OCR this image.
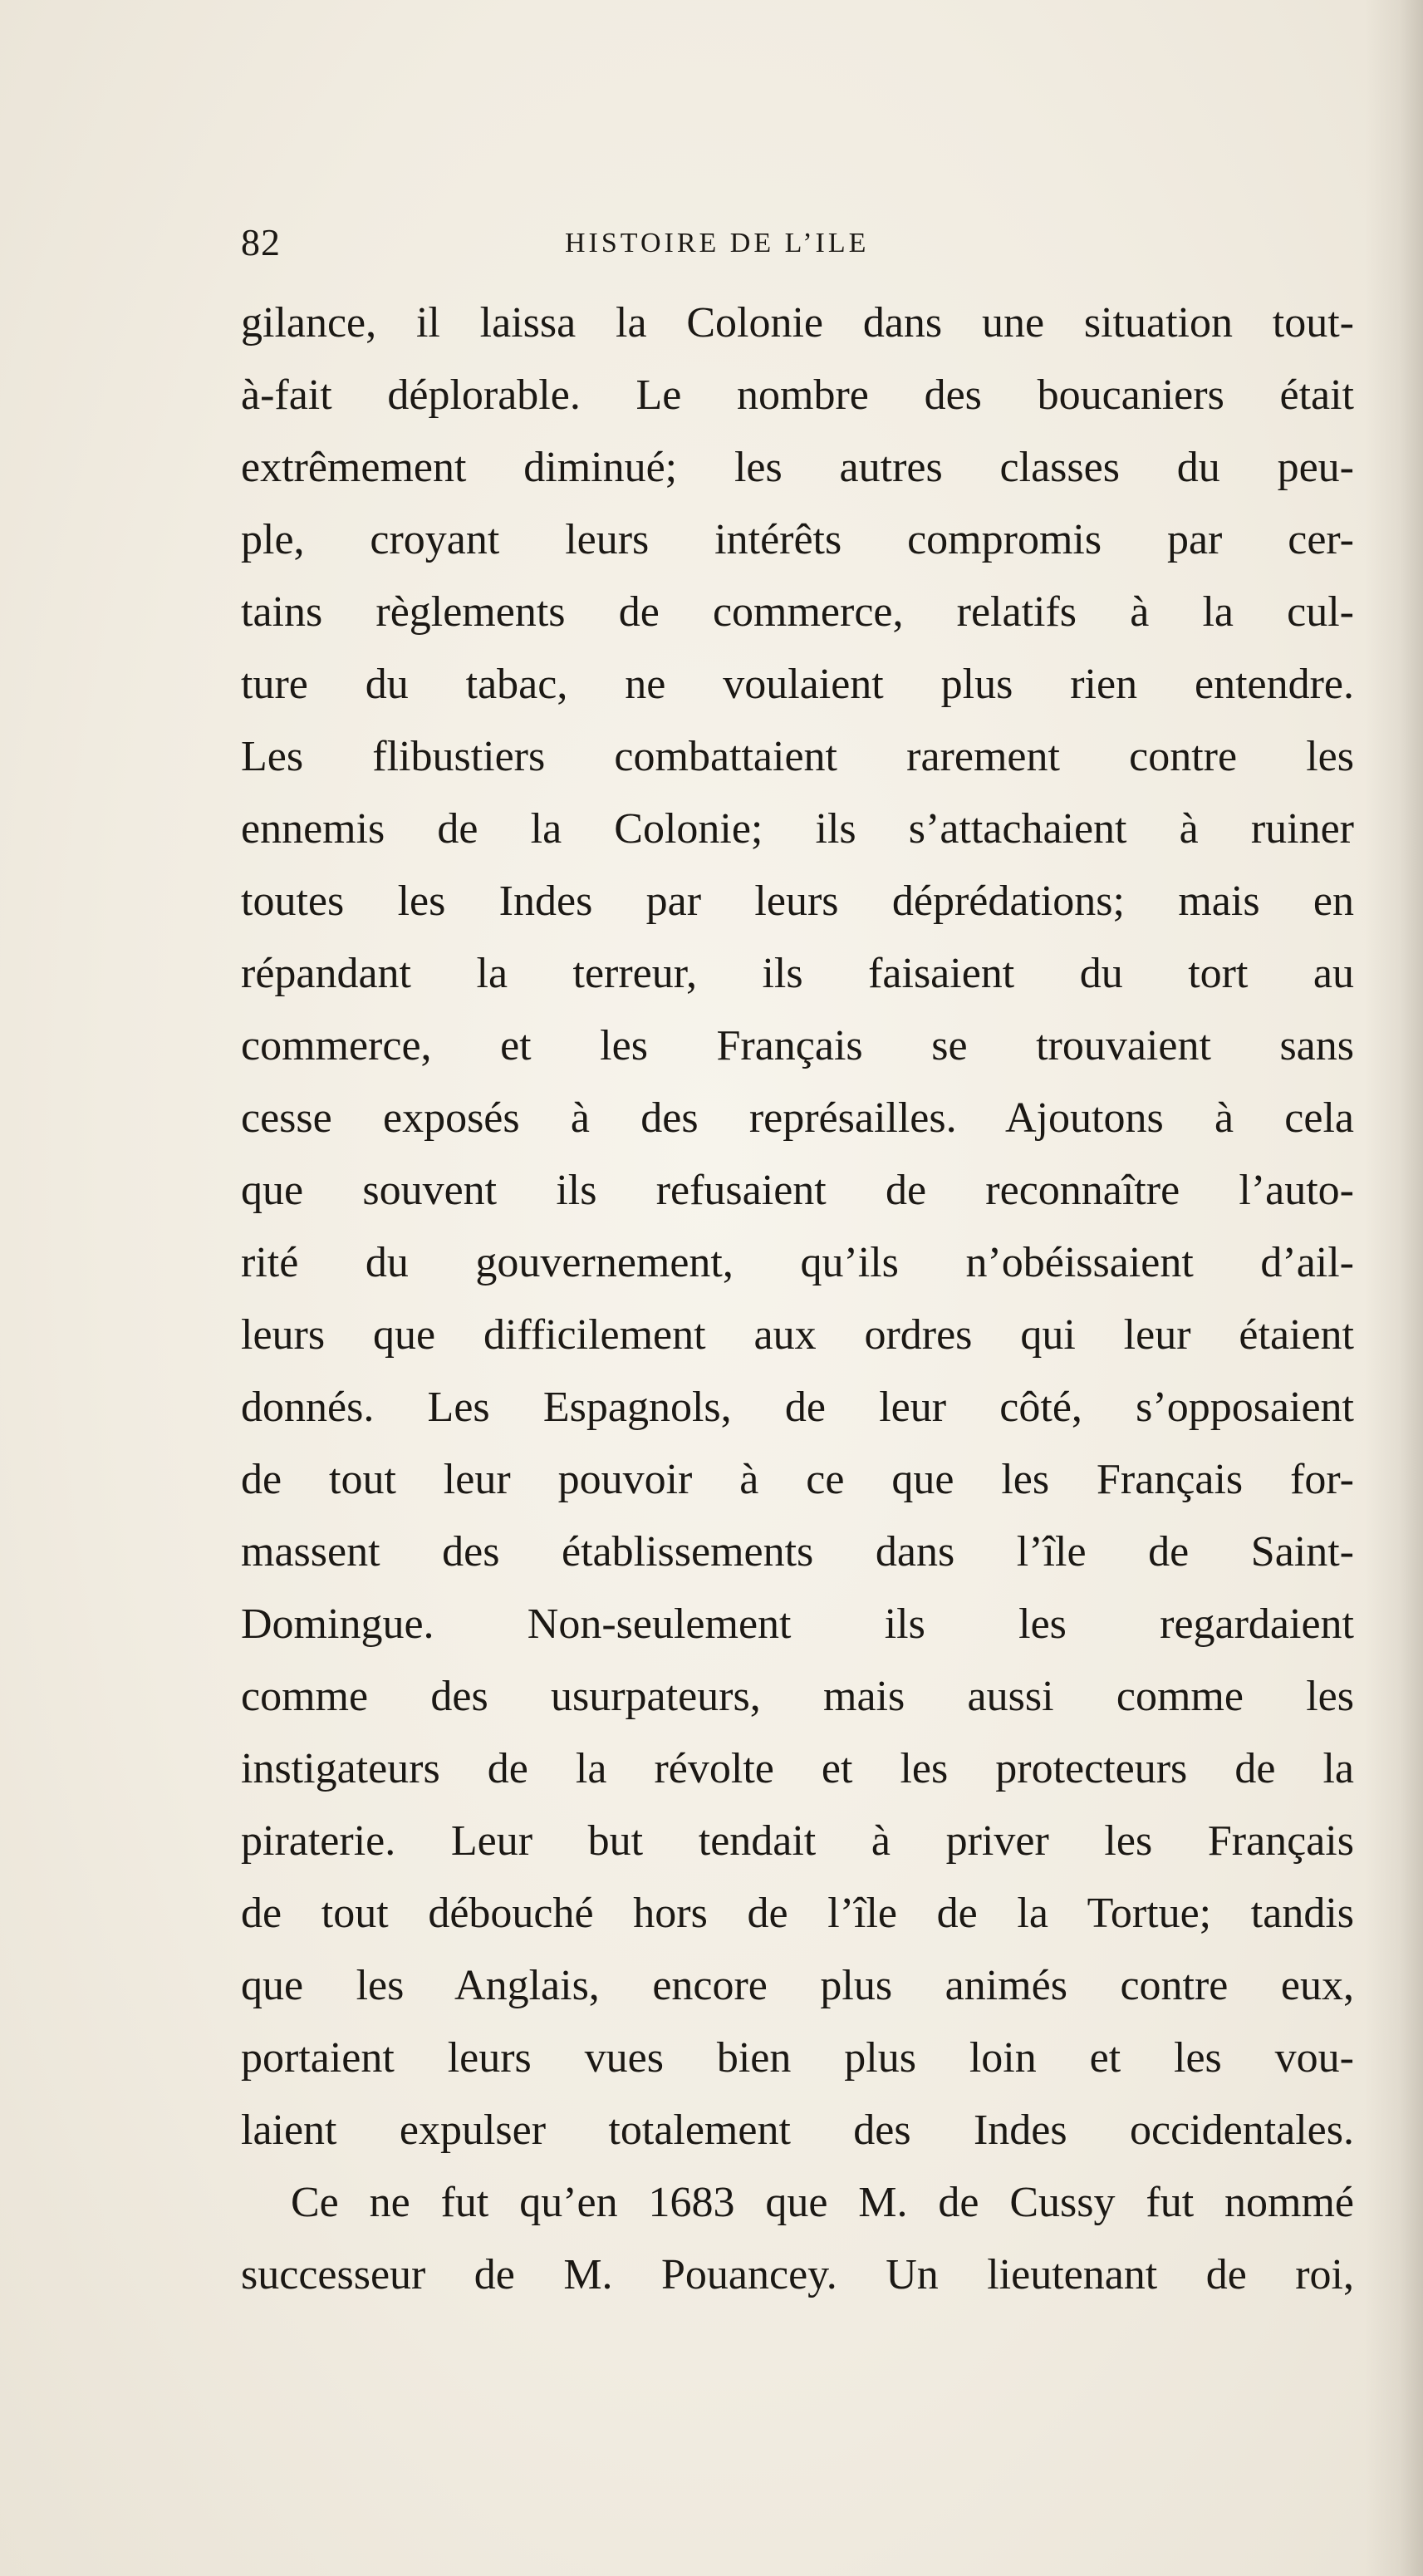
82	HISTOIRE DE L’ILE
gilance, il laissa la Colonie dans une situation tout-
à-fait déplorable. Le nombre des boucaniers était
extrêmement diminué; les autres classes du peu-
ple, croyant leurs intérêts compromis par cer-
tains règlements de commerce, relatifs à la cul-
ture du tabac, ne voulaient plus rien entendre.
Les flibustiers combattaient rarement contre les
ennemis de la Colonie; ils s’attachaient à ruiner
toutes les Indes par leurs déprédations; mais en
répandant la terreur, ils faisaient du tort au
commerce, et les Français se trouvaient sans
cesse exposés à des représailles. Ajoutons à cela
que souvent ils refusaient de reconnaître l’auto-
rité du gouvernement, qu’ils n’obéissaient d’ail-
leurs que difficilement aux ordres qui leur étaient
donnés. Les Espagnols, de leur côté, s’opposaient
de tout leur pouvoir à ce que les Français for-
massent des établissements dans l’île de Saint-
Domingue. Non-seulement ils les regardaient
comme des usurpateurs, mais aussi comme les
instigateurs de la révolte et les protecteurs de la
piraterie. Leur but tendait à priver les Français
de tout débouché hors de l’île de la Tortue; tandis
que les Anglais, encore plus animés contre eux,
portaient leurs vues bien plus loin et les vou-
laient expulser totalement des Indes occidentales.
Ce ne fut qu’en 1683 que M. de Cussy fut nommé
successeur de M. Pouancey. Un lieutenant de roi,
